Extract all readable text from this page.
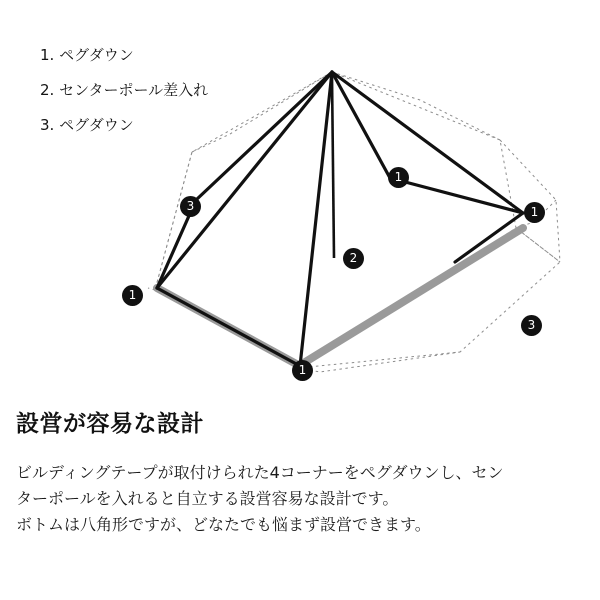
1. ペグダウン
2. センターポール差入れ
3. ペグダウン
1
1
1
1
2
3
3
設営が容易な設計

ビルディングテープが取付けられた4コーナーをペグダウンし、セン

ターポールを入れると自立する設営容易な設計です。

ボトムは八角形ですが、どなたでも悩まず設営できます。
